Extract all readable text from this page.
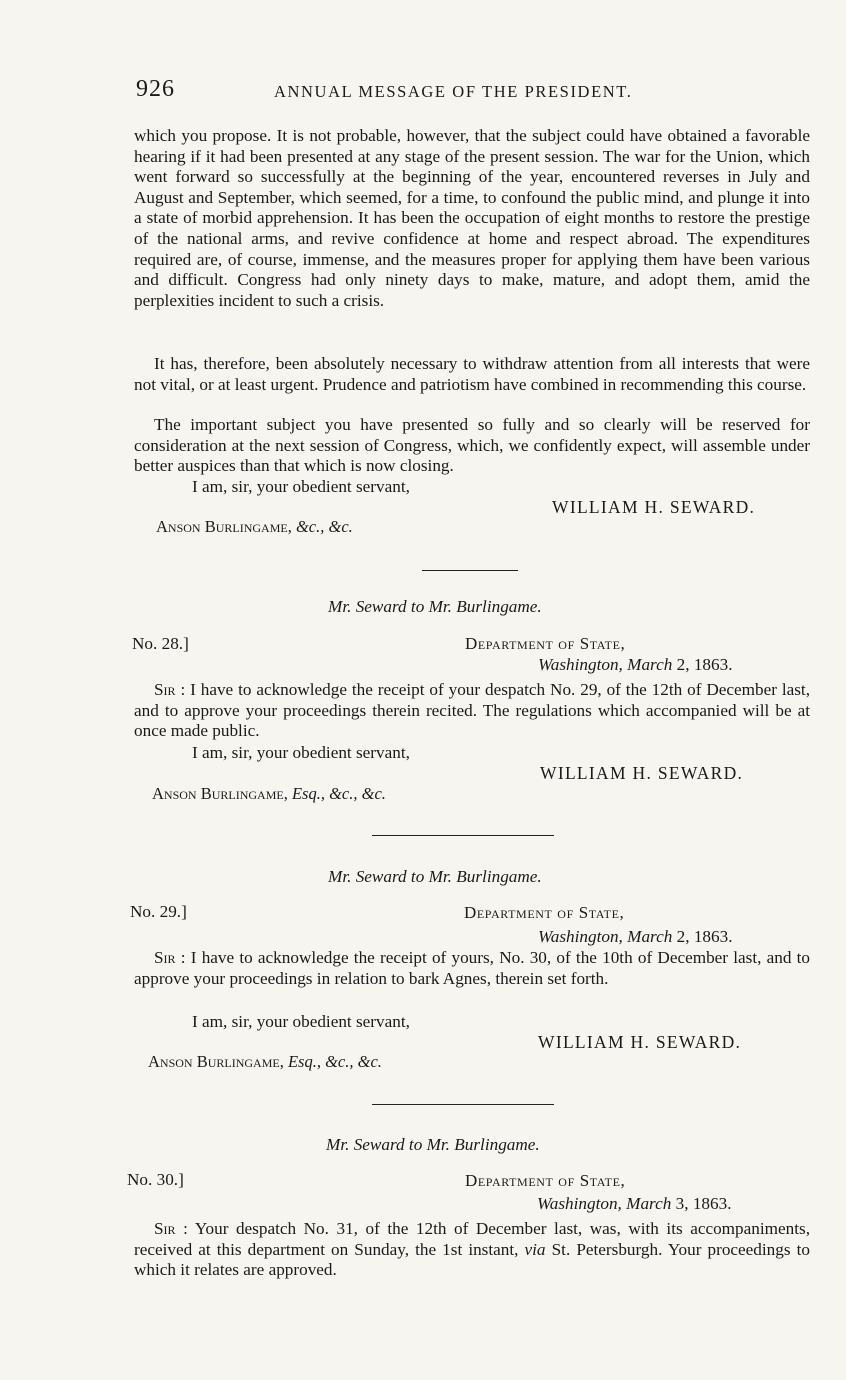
926	ANNUAL MESSAGE OF THE PRESIDENT.

which you propose. It is not probable, however, that the subject could have obtained a favorable hearing if it had been presented at any stage of the present session. The war for the Union, which went forward so successfully at the beginning of the year, encountered reverses in July and August and September, which seemed, for a time, to confound the public mind, and plunge it into a state of morbid apprehension. It has been the occupation of eight months to restore the prestige of the national arms, and revive confidence at home and respect abroad. The expenditures required are, of course, immense, and the measures proper for applying them have been various and difficult. Congress had only ninety days to make, mature, and adopt them, amid the perplexities incident to such a crisis.

It has, therefore, been absolutely necessary to withdraw attention from all interests that were not vital, or at least urgent. Prudence and patriotism have combined in recommending this course.

The important subject you have presented so fully and so clearly will be reserved for consideration at the next session of Congress, which, we confidently expect, will assemble under better auspices than that which is now closing.

I am, sir, your obedient servant,
WILLIAM H. SEWARD.
Anson Burlingame, &c., &c.
Mr. Seward to Mr. Burlingame.
No. 28.]	Department of State,
Washington, March 2, 1863.

Sir : I have to acknowledge the receipt of your despatch No. 29, of the 12th of December last, and to approve your proceedings therein recited. The regulations which accompanied will be at once made public.

I am, sir, your obedient servant,
WILLIAM H. SEWARD.
Anson Burlingame, Esq., &c., &c.
Mr. Seward to Mr. Burlingame.
No. 29.]	Department of State,
Washington, March 2, 1863.

Sir : I have to acknowledge the receipt of yours, No. 30, of the 10th of December last, and to approve your proceedings in relation to bark Agnes, therein set forth.

I am, sir, your obedient servant,
WILLIAM H. SEWARD.
Anson Burlingame, Esq., &c., &c.
Mr. Seward to Mr. Burlingame.
No. 30.]	Department of State,
Washington, March 3, 1863.

Sir : Your despatch No. 31, of the 12th of December last, was, with its accompaniments, received at this department on Sunday, the 1st instant, via St. Petersburgh. Your proceedings to which it relates are approved.
